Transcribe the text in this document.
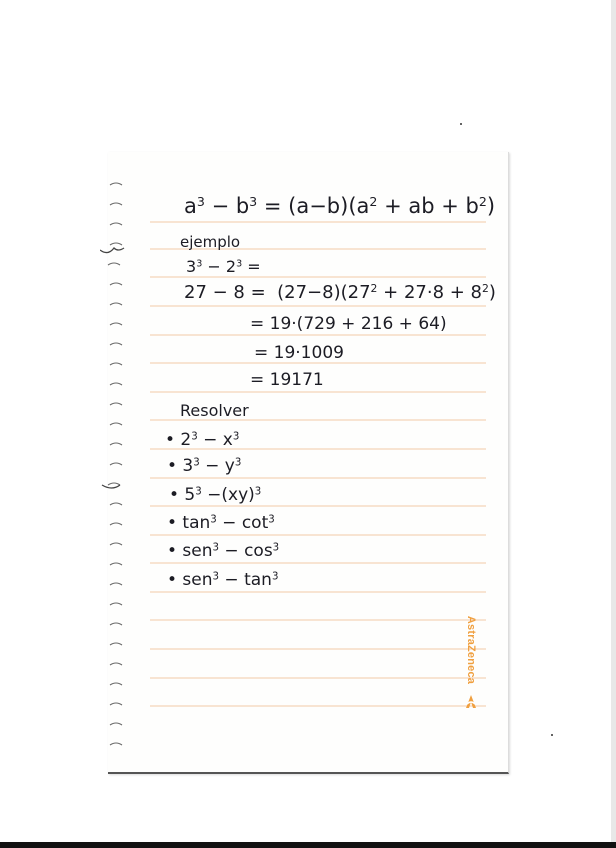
$a^3 - b^3 = (a-b)(a^2$ + ab + $b^2$)
ejemplo
$3^3 - 2^3$ =
$27 - 8 = (27-8)(27^2 + 27\cdot 8 + 8^2)$
= 19·(729 + 216 + 64)
= 19·1009
= 19171
Resolver
• $2^3 - x^3$
• $3^3 - y^3$
• $5^3 -(xy)^3$
• $\tan^3 - \cot^3$
• $sen^3 - \cos^3$
• $sen^3 - \tan^3$
AstraZeneca
